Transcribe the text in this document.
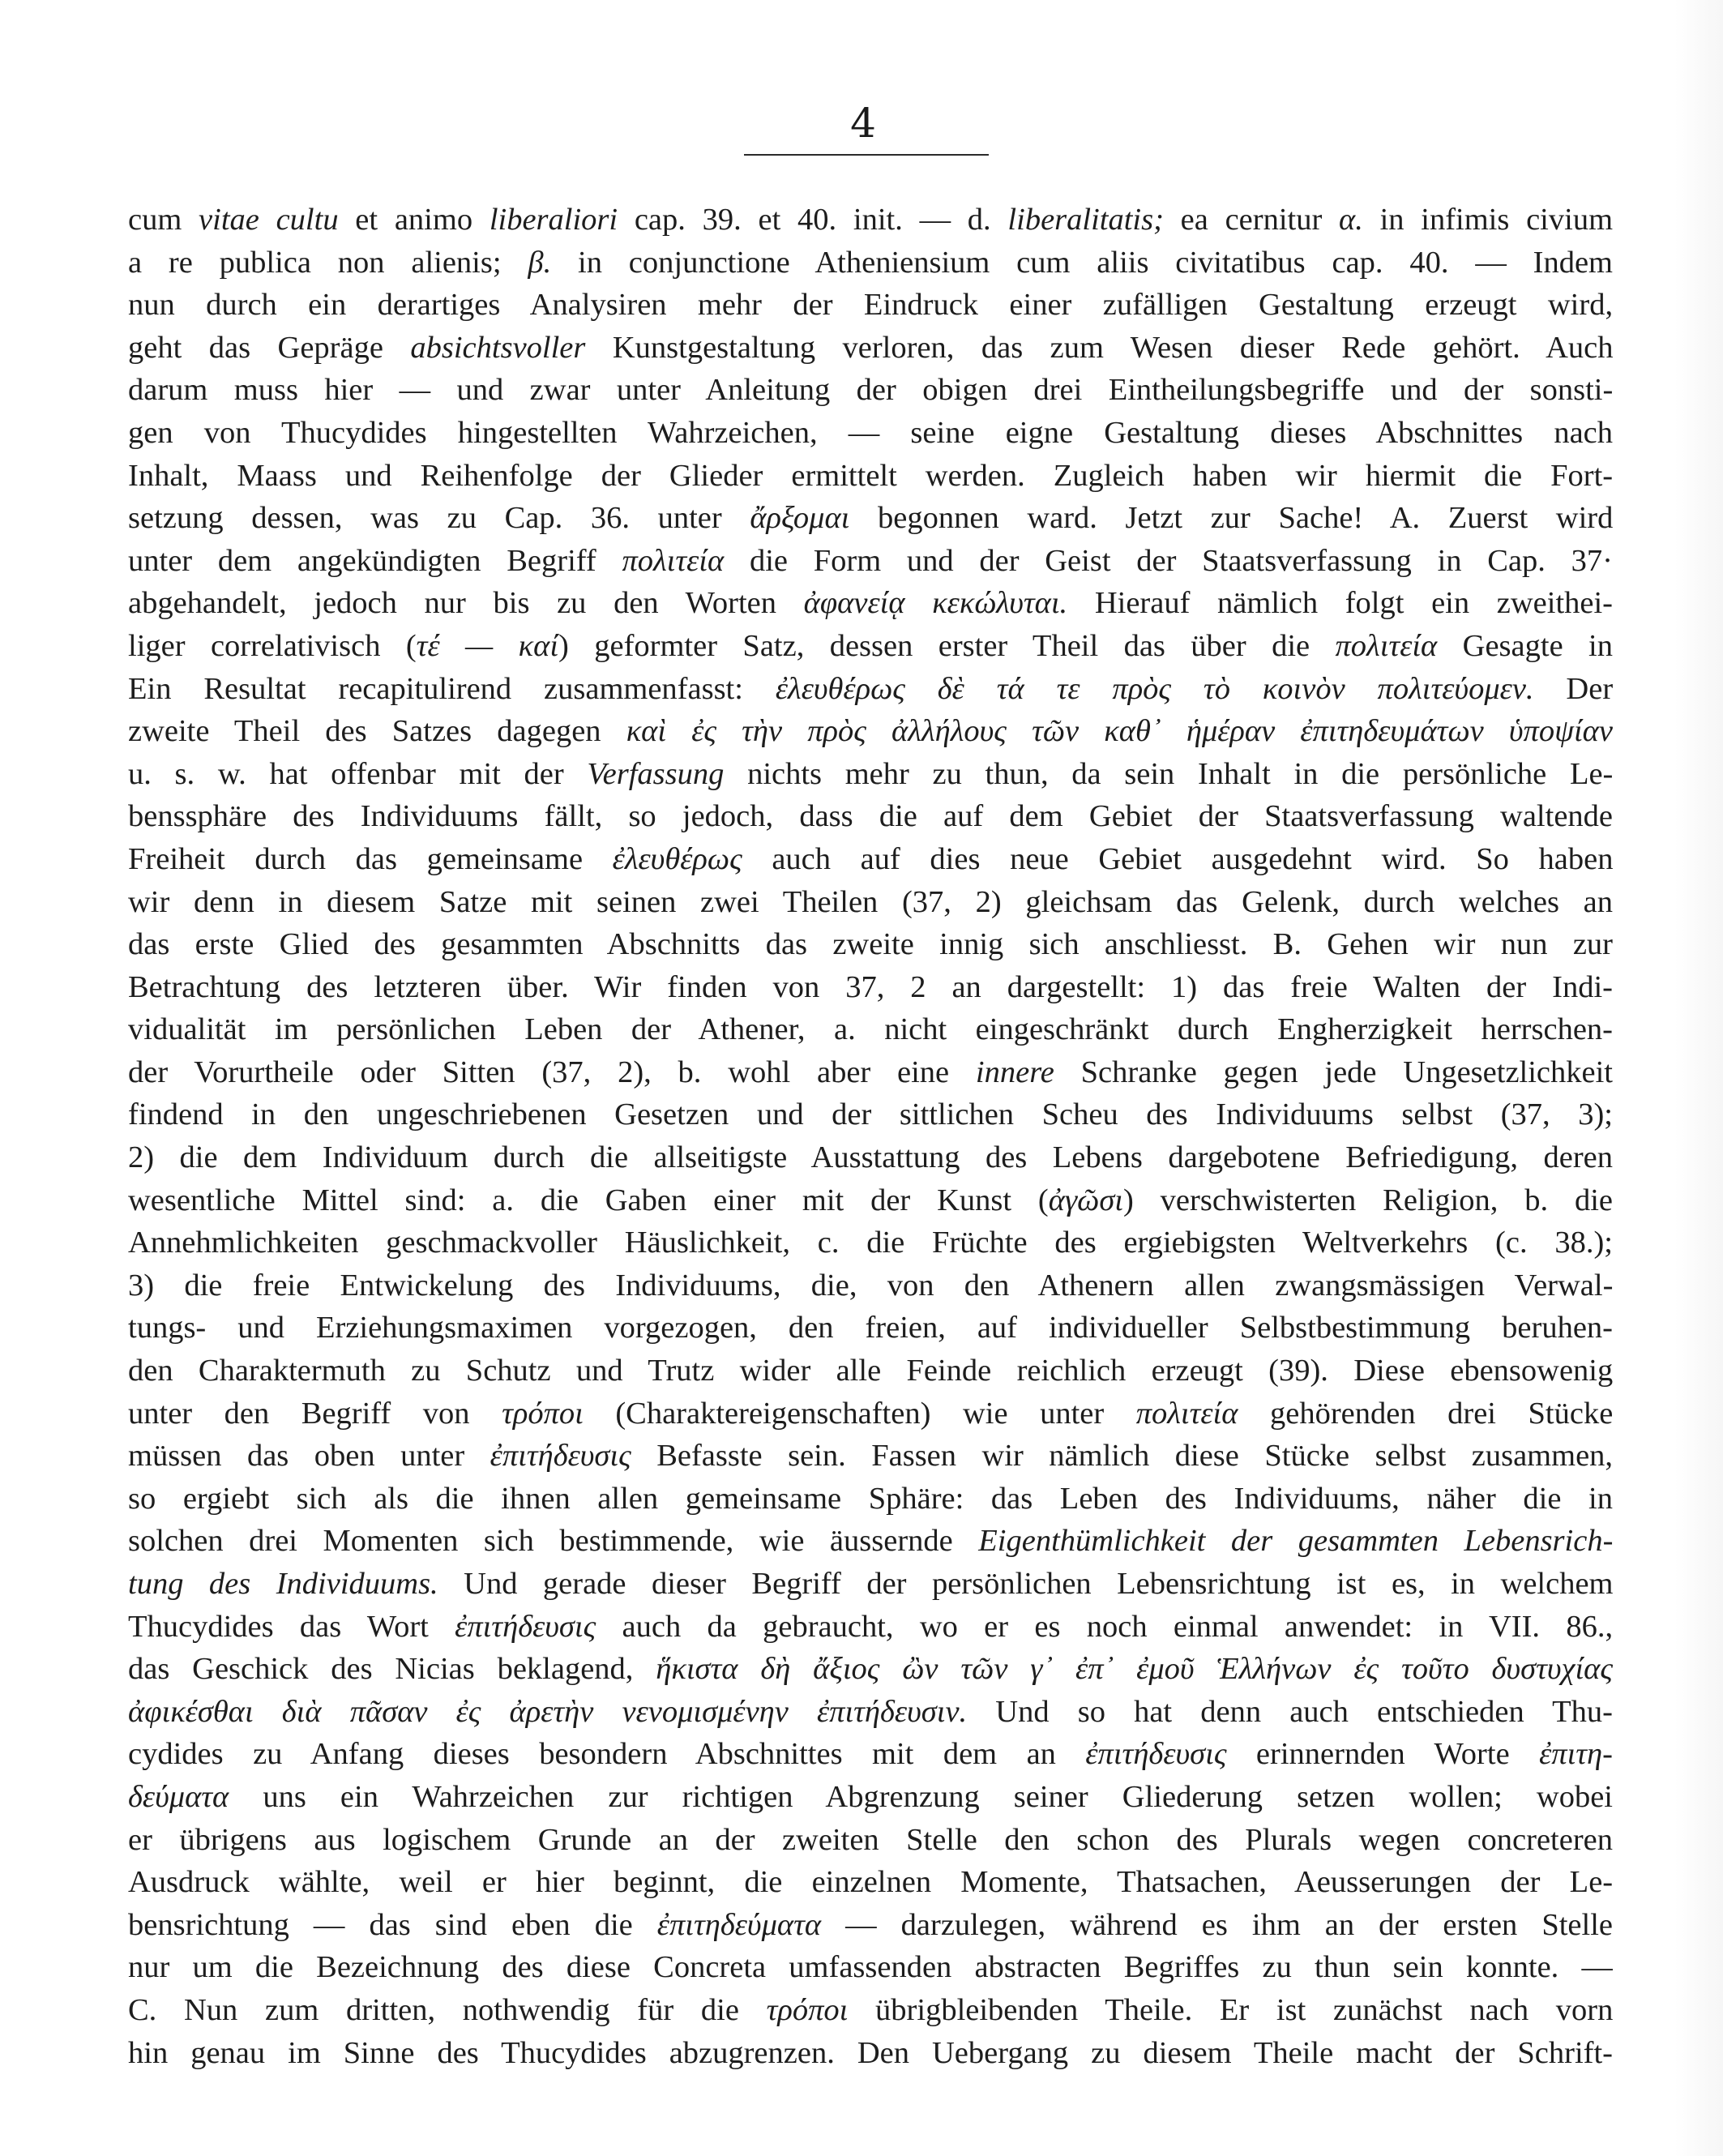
4
cum vitae cultu et animo liberaliori cap. 39. et 40. init. — d. liberalitatis; ea cernitur α. in infimis civium
a re publica non alienis; β. in conjunctione Atheniensium cum aliis civitatibus cap. 40. — Indem
nun durch ein derartiges Analysiren mehr der Eindruck einer zufälligen Gestaltung erzeugt wird,
geht das Gepräge absichtsvoller Kunstgestaltung verloren, das zum Wesen dieser Rede gehört. Auch
darum muss hier — und zwar unter Anleitung der obigen drei Eintheilungsbegriffe und der sonsti-
gen von Thucydides hingestellten Wahrzeichen, — seine eigne Gestaltung dieses Abschnittes nach
Inhalt, Maass und Reihenfolge der Glieder ermittelt werden. Zugleich haben wir hiermit die Fort-
setzung dessen, was zu Cap. 36. unter ἄρξομαι begonnen ward. Jetzt zur Sache! A. Zuerst wird
unter dem angekündigten Begriff πολιτεία die Form und der Geist der Staatsverfassung in Cap. 37·
abgehandelt, jedoch nur bis zu den Worten ἀφανείᾳ κεκώλυται. Hierauf nämlich folgt ein zweithei-
liger correlativisch (τέ — καί) geformter Satz, dessen erster Theil das über die πολιτεία Gesagte in
Ein Resultat recapitulirend zusammenfasst: ἐλευθέρως δὲ τά τε πρὸς τὸ κοινὸν πολιτεύομεν. Der
zweite Theil des Satzes dagegen καὶ ἐς τὴν πρὸς ἀλλήλους τῶν καθ᾽ ἡμέραν ἐπιτηδευμάτων ὑποψίαν
u. s. w. hat offenbar mit der Verfassung nichts mehr zu thun, da sein Inhalt in die persönliche Le-
benssphäre des Individuums fällt, so jedoch, dass die auf dem Gebiet der Staatsverfassung waltende
Freiheit durch das gemeinsame ἐλευθέρως auch auf dies neue Gebiet ausgedehnt wird. So haben
wir denn in diesem Satze mit seinen zwei Theilen (37, 2) gleichsam das Gelenk, durch welches an
das erste Glied des gesammten Abschnitts das zweite innig sich anschliesst. B. Gehen wir nun zur
Betrachtung des letzteren über. Wir finden von 37, 2 an dargestellt: 1) das freie Walten der Indi-
vidualität im persönlichen Leben der Athener, a. nicht eingeschränkt durch Engherzigkeit herrschen-
der Vorurtheile oder Sitten (37, 2), b. wohl aber eine innere Schranke gegen jede Ungesetzlichkeit
findend in den ungeschriebenen Gesetzen und der sittlichen Scheu des Individuums selbst (37, 3);
2) die dem Individuum durch die allseitigste Ausstattung des Lebens dargebotene Befriedigung, deren
wesentliche Mittel sind: a. die Gaben einer mit der Kunst (ἀγῶσι) verschwisterten Religion, b. die
Annehmlichkeiten geschmackvoller Häuslichkeit, c. die Früchte des ergiebigsten Weltverkehrs (c. 38.);
3) die freie Entwickelung des Individuums, die, von den Athenern allen zwangsmässigen Verwal-
tungs- und Erziehungsmaximen vorgezogen, den freien, auf individueller Selbstbestimmung beruhen-
den Charaktermuth zu Schutz und Trutz wider alle Feinde reichlich erzeugt (39). Diese ebensowenig
unter den Begriff von τρόποι (Charaktereigenschaften) wie unter πολιτεία gehörenden drei Stücke
müssen das oben unter ἐπιτήδευσις Befasste sein. Fassen wir nämlich diese Stücke selbst zusammen,
so ergiebt sich als die ihnen allen gemeinsame Sphäre: das Leben des Individuums, näher die in
solchen drei Momenten sich bestimmende, wie äussernde Eigenthümlichkeit der gesammten Lebensrich-
tung des Individuums. Und gerade dieser Begriff der persönlichen Lebensrichtung ist es, in welchem
Thucydides das Wort ἐπιτήδευσις auch da gebraucht, wo er es noch einmal anwendet: in VII. 86.,
das Geschick des Nicias beklagend, ἥκιστα δὴ ἄξιος ὢν τῶν γ᾽ ἐπ᾽ ἐμοῦ Ἑλλήνων ἐς τοῦτο δυστυχίας
ἀφικέσθαι διὰ πᾶσαν ἐς ἀρετὴν νενομισμένην ἐπιτήδευσιν. Und so hat denn auch entschieden Thu-
cydides zu Anfang dieses besondern Abschnittes mit dem an ἐπιτήδευσις erinnernden Worte ἐπιτη-
δεύματα uns ein Wahrzeichen zur richtigen Abgrenzung seiner Gliederung setzen wollen; wobei
er übrigens aus logischem Grunde an der zweiten Stelle den schon des Plurals wegen concreteren
Ausdruck wählte, weil er hier beginnt, die einzelnen Momente, Thatsachen, Aeusserungen der Le-
bensrichtung — das sind eben die ἐπιτηδεύματα — darzulegen, während es ihm an der ersten Stelle
nur um die Bezeichnung des diese Concreta umfassenden abstracten Begriffes zu thun sein konnte. —
C. Nun zum dritten, nothwendig für die τρόποι übrigbleibenden Theile. Er ist zunächst nach vorn
hin genau im Sinne des Thucydides abzugrenzen. Den Uebergang zu diesem Theile macht der Schrift-
